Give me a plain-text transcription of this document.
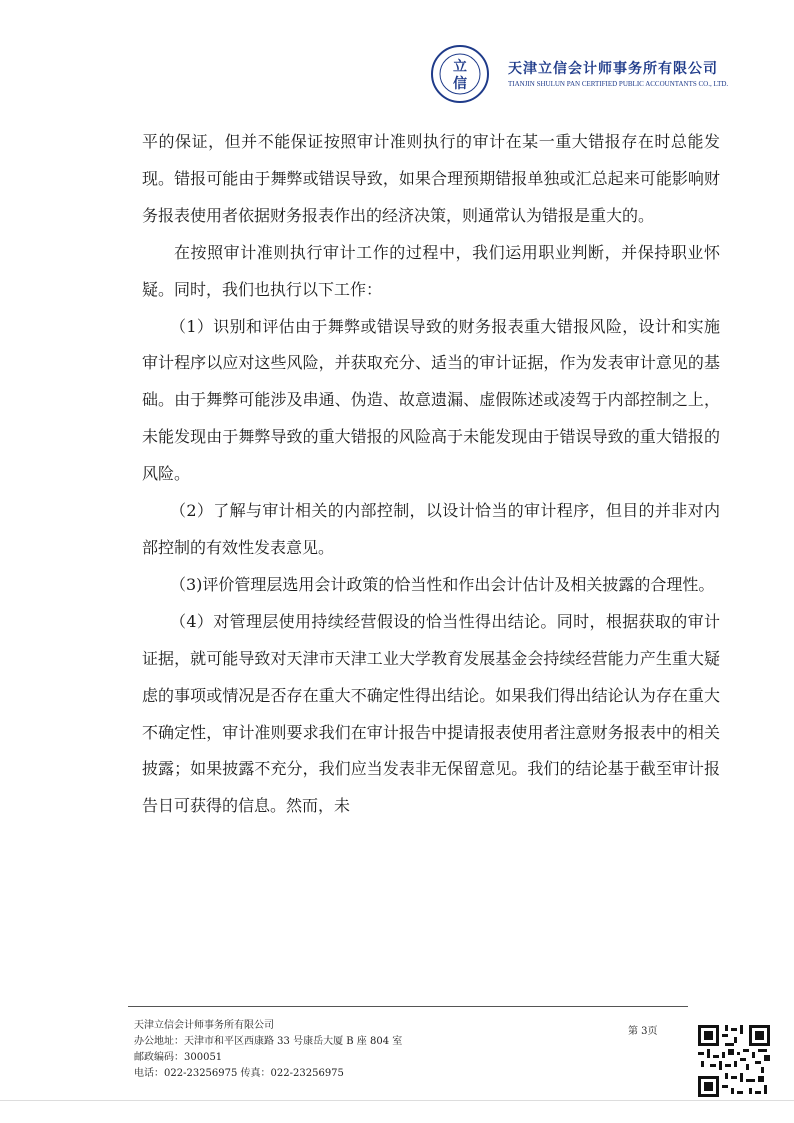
立
信
天津立信会计师事务所有限公司
TIANJIN SHULUN PAN CERTIFIED PUBLIC ACCOUNTANTS CO., LTD.

平的保证，但并不能保证按照审计准则执行的审计在某一重大错报存在时总能发现。错报可能由于舞弊或错误导致，如果合理预期错报单独或汇总起来可能影响财务报表使用者依据财务报表作出的经济决策，则通常认为错报是重大的。

在按照审计准则执行审计工作的过程中，我们运用职业判断，并保持职业怀疑。同时，我们也执行以下工作：

（1）识别和评估由于舞弊或错误导致的财务报表重大错报风险，设计和实施审计程序以应对这些风险，并获取充分、适当的审计证据，作为发表审计意见的基础。由于舞弊可能涉及串通、伪造、故意遗漏、虚假陈述或凌驾于内部控制之上，未能发现由于舞弊导致的重大错报的风险高于未能发现由于错误导致的重大错报的风险。

（2）了解与审计相关的内部控制，以设计恰当的审计程序，但目的并非对内部控制的有效性发表意见。

（3)评价管理层选用会计政策的恰当性和作出会计估计及相关披露的合理性。

（4）对管理层使用持续经营假设的恰当性得出结论。同时，根据获取的审计证据，就可能导致对天津市天津工业大学教育发展基金会持续经营能力产生重大疑虑的事项或情况是否存在重大不确定性得出结论。如果我们得出结论认为存在重大不确定性，审计准则要求我们在审计报告中提请报表使用者注意财务报表中的相关披露；如果披露不充分，我们应当发表非无保留意见。我们的结论基于截至审计报告日可获得的信息。然而，未

天津立信会计师事务所有限公司
办公地址：天津市和平区西康路 33 号康岳大厦 B 座 804 室
邮政编码：300051
电话：022-23256975 传真：022-23256975
第 3页
